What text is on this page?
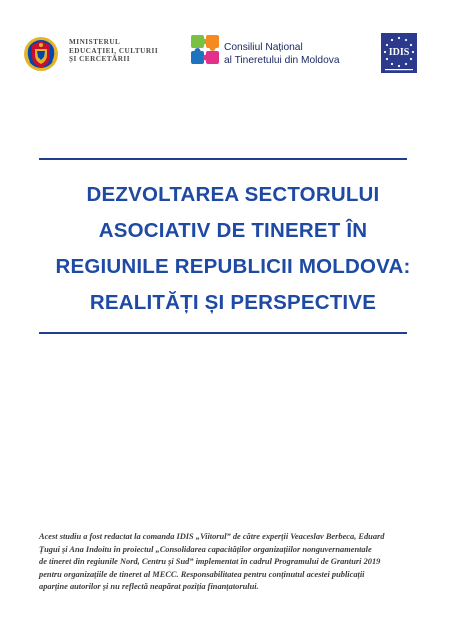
MINISTERUL
EDUCAȚIEI, CULTURII
ȘI CERCETĂRII
Consiliul Național
al Tineretului din Moldova
IDIS
DEZVOLTAREA SECTORULUI
ASOCIATIV DE TINERET ÎN
REGIUNILE REPUBLICII MOLDOVA:
REALITĂȚI ȘI PERSPECTIVE
Acest studiu a fost redactat la comanda IDIS „Viitorul” de către experții Veaceslav Berbeca, Eduard
Țugui și Ana Indoitu în proiectul „Consolidarea capacităților organizațiilor nonguvernamentale
de tineret din regiunile Nord, Centru și Sud” implementat în cadrul Programului de Granturi 2019
pentru organizațiile de tineret al MECC. Responsabilitatea pentru conținutul acestei publicații
aparține autorilor și nu reflectă neapărat poziția finanțatorului.
